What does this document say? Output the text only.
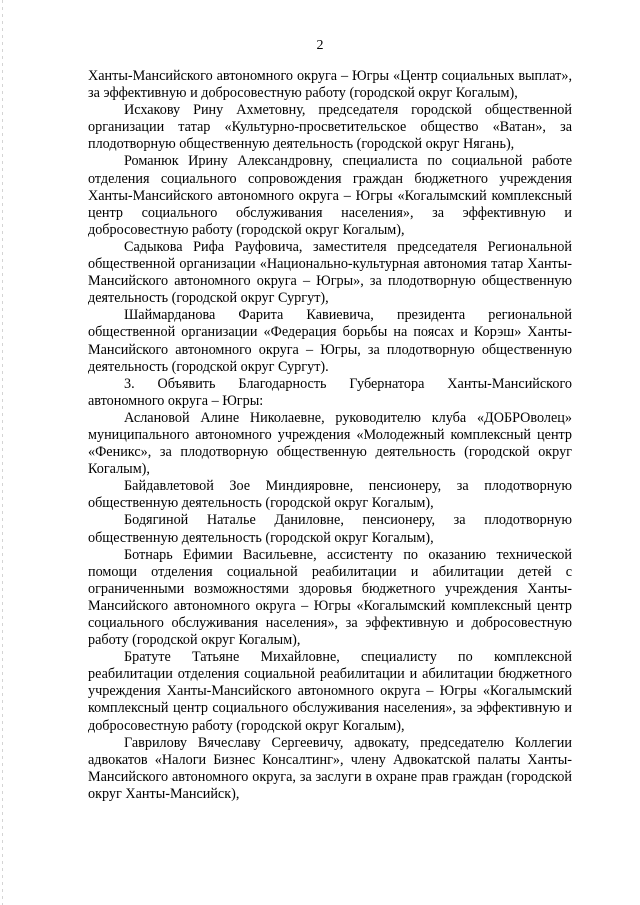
2

Ханты-Мансийского автономного округа – Югры «Центр социальных выплат», за эффективную и добросовестную работу (городской округ Когалым),

Исхакову Рину Ахметовну, председателя городской общественной организации татар «Культурно-просветительское общество «Ватан», за плодотворную общественную деятельность (городской округ Нягань),

Романюк Ирину Александровну, специалиста по социальной работе отделения социального сопровождения граждан бюджетного учреждения Ханты-Мансийского автономного округа – Югры «Когалымский комплексный центр социального обслуживания населения», за эффективную и добросовестную работу (городской округ Когалым),

Садыкова Рифа Рауфовича, заместителя председателя Региональной общественной организации «Национально-культурная автономия татар Ханты-Мансийского автономного округа – Югры», за плодотворную общественную деятельность (городской округ Сургут),

Шаймарданова Фарита Кавиевича, президента региональной общественной организации «Федерация борьбы на поясах и Корэш» Ханты-Мансийского автономного округа – Югры, за плодотворную общественную деятельность (городской округ Сургут).

3. Объявить Благодарность Губернатора Ханты-Мансийского автономного округа – Югры:

Аслановой Алине Николаевне, руководителю клуба «ДОБРОволец» муниципального автономного учреждения «Молодежный комплексный центр «Феникс», за плодотворную общественную деятельность (городской округ Когалым),

Байдавлетовой Зое Миндияровне, пенсионеру, за плодотворную общественную деятельность (городской округ Когалым),

Бодягиной Наталье Даниловне, пенсионеру, за плодотворную общественную деятельность (городской округ Когалым),

Ботнарь Ефимии Васильевне, ассистенту по оказанию технической помощи отделения социальной реабилитации и абилитации детей с ограниченными возможностями здоровья бюджетного учреждения Ханты-Мансийского автономного округа – Югры «Когалымский комплексный центр социального обслуживания населения», за эффективную и добросовестную работу (городской округ Когалым),

Братуте Татьяне Михайловне, специалисту по комплексной реабилитации отделения социальной реабилитации и абилитации бюджетного учреждения Ханты-Мансийского автономного округа – Югры «Когалымский комплексный центр социального обслуживания населения», за эффективную и добросовестную работу (городской округ Когалым),

Гаврилову Вячеславу Сергеевичу, адвокату, председателю Коллегии адвокатов «Налоги Бизнес Консалтинг», члену Адвокатской палаты Ханты-Мансийского автономного округа, за заслуги в охране прав граждан (городской округ Ханты-Мансийск),
